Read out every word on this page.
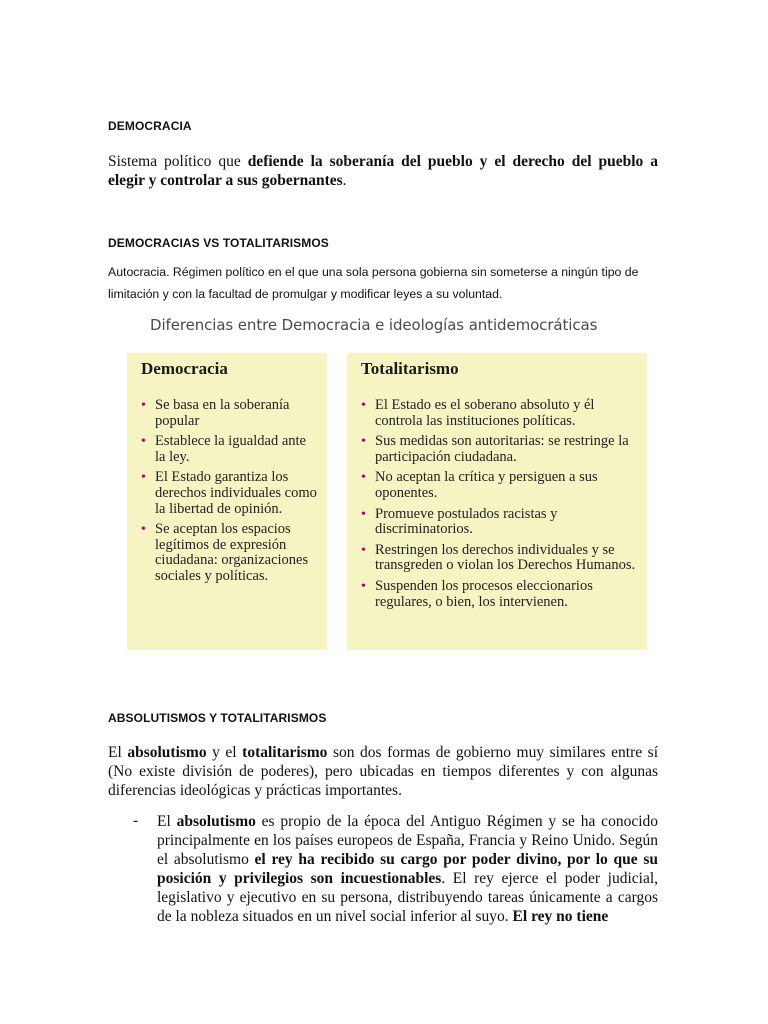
DEMOCRACIA
Sistema político que defiende la soberanía del pueblo y el derecho del pueblo a elegir y controlar a sus gobernantes.
DEMOCRACIAS VS TOTALITARISMOS
Autocracia. Régimen político en el que una sola persona gobierna sin someterse a ningún tipo de limitación y con la facultad de promulgar y modificar leyes a su voluntad.
Diferencias entre Democracia e ideologías antidemocráticas
Democracia
• Se basa en la soberanía popular
• Establece la igualdad ante la ley.
• El Estado garantiza los derechos individuales como la libertad de opinión.
• Se aceptan los espacios legítimos de expresión ciudadana: organizaciones sociales y políticas.
Totalitarismo
• El Estado es el soberano absoluto y él controla las instituciones políticas.
• Sus medidas son autoritarias: se restringe la participación ciudadana.
• No aceptan la crítica y persiguen a sus oponentes.
• Promueve postulados racistas y discriminatorios.
• Restringen los derechos individuales y se transgreden o violan los Derechos Humanos.
• Suspenden los procesos eleccionarios regulares, o bien, los intervienen.
ABSOLUTISMOS Y TOTALITARISMOS
El absolutismo y el totalitarismo son dos formas de gobierno muy similares entre sí (No existe división de poderes), pero ubicadas en tiempos diferentes y con algunas diferencias ideológicas y prácticas importantes.
- El absolutismo es propio de la época del Antiguo Régimen y se ha conocido principalmente en los países europeos de España, Francia y Reino Unido. Según el absolutismo el rey ha recibido su cargo por poder divino, por lo que su posición y privilegios son incuestionables. El rey ejerce el poder judicial, legislativo y ejecutivo en su persona, distribuyendo tareas únicamente a cargos de la nobleza situados en un nivel social inferior al suyo. El rey no tiene
